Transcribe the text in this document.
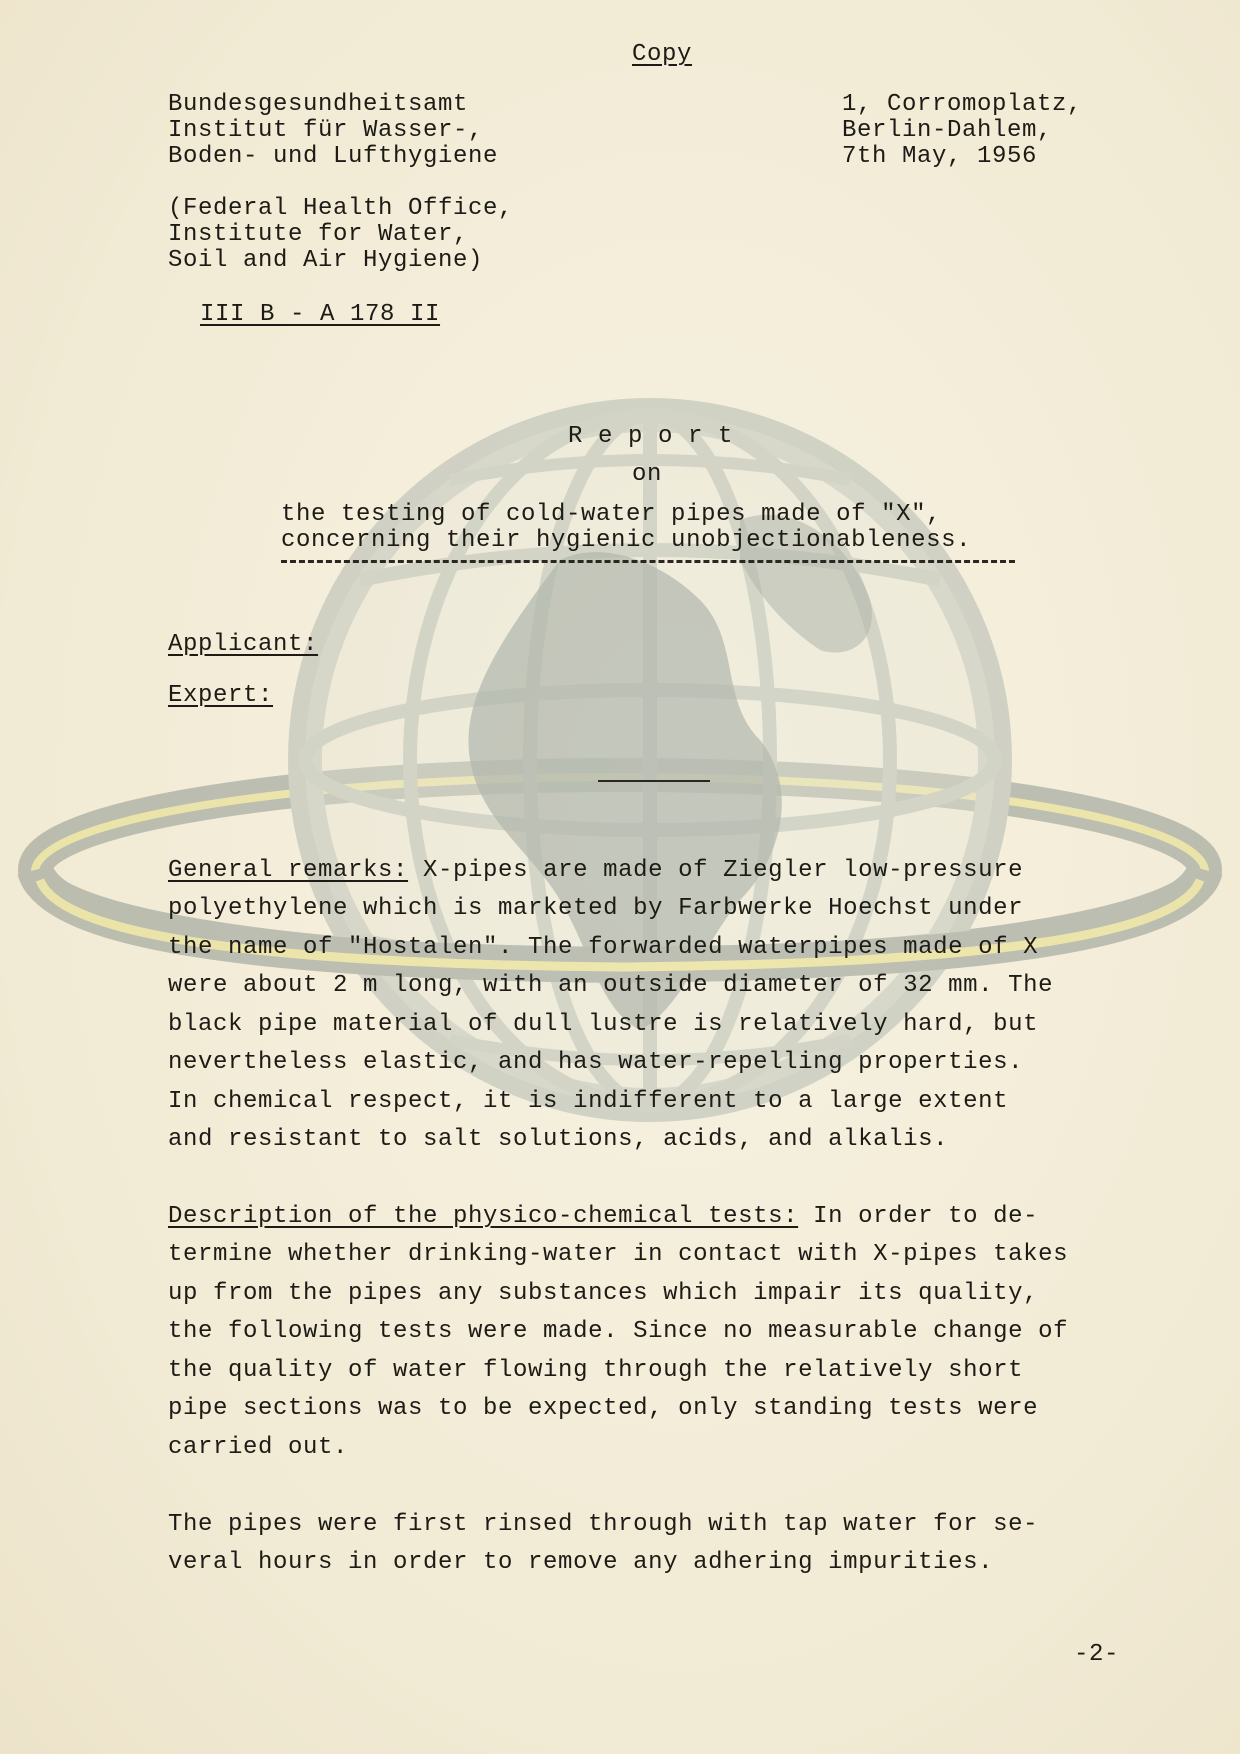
Copy
Bundesgesundheitsamt
Institut für Wasser-,
Boden- und Lufthygiene
1, Corromoplatz,
Berlin-Dahlem,
7th May, 1956
(Federal Health Office,
Institute for Water,
Soil and Air Hygiene)
III B - A 178 II
R e p o r t
on
the testing of cold-water pipes made of "X",
concerning their hygienic unobjectionableness.
Applicant:
Expert:
General remarks: X-pipes are made of Ziegler low-pressure
polyethylene which is marketed by Farbwerke Hoechst under
the name of "Hostalen". The forwarded waterpipes made of X
were about 2 m long, with an outside diameter of 32 mm. The
black pipe material of dull lustre is relatively hard, but
nevertheless elastic, and has water-repelling properties.
In chemical respect, it is indifferent to a large extent
and resistant to salt solutions, acids, and alkalis.
Description of the physico-chemical tests: In order to de-
termine whether drinking-water in contact with X-pipes takes
up from the pipes any substances which impair its quality,
the following tests were made. Since no measurable change of
the quality of water flowing through the relatively short
pipe sections was to be expected, only standing tests were
carried out.
The pipes were first rinsed through with tap water for se-
veral hours in order to remove any adhering impurities.
-2-
